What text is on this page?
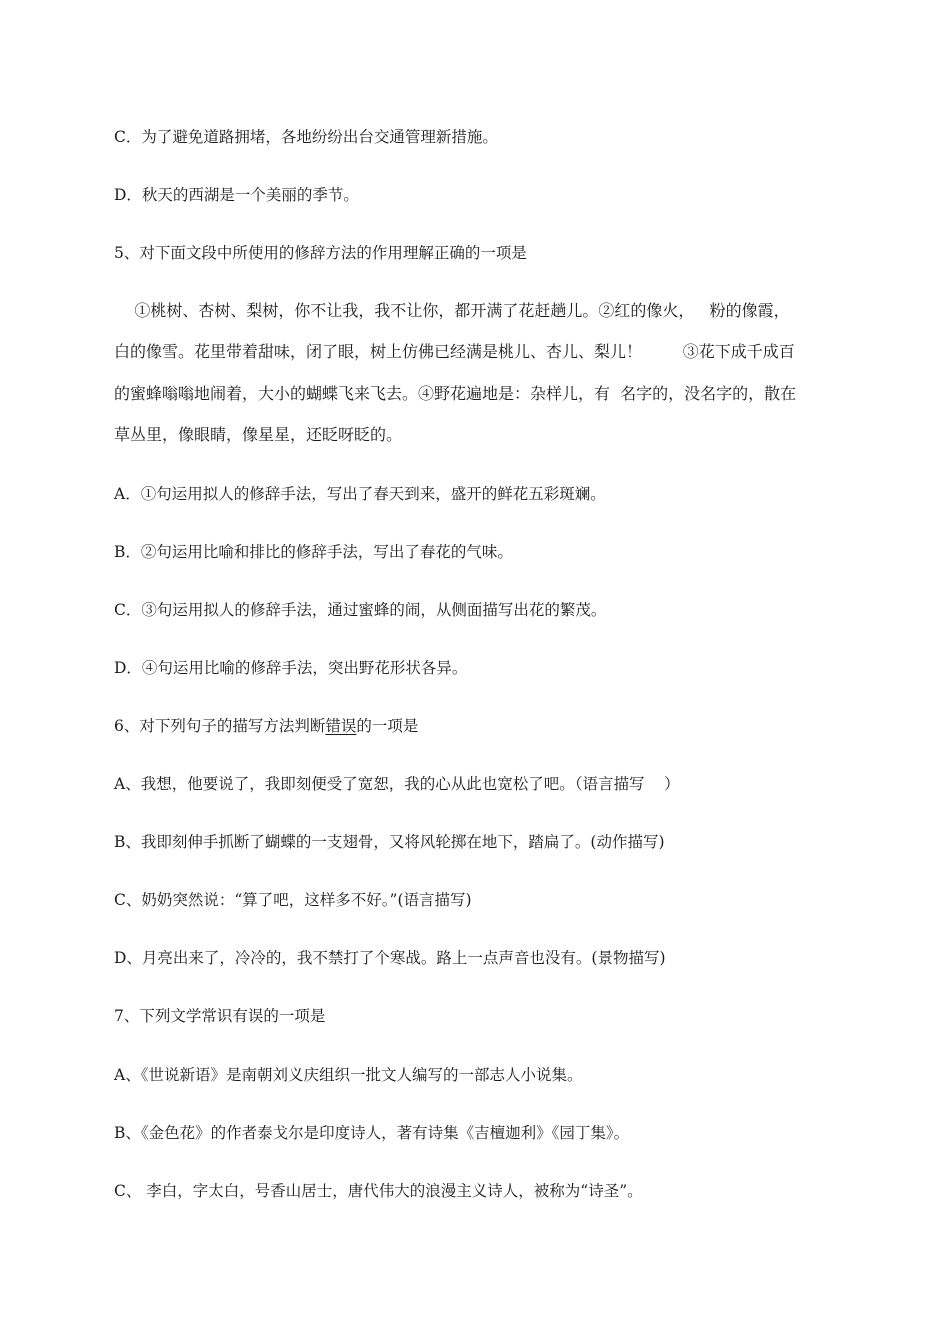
C．为了避免道路拥堵，各地纷纷出台交通管理新措施。
D．秋天的西湖是一个美丽的季节。
5、对下面文段中所使用的修辞方法的作用理解正确的一项是
①桃树、杏树、梨树，你不让我，我不让你，都开满了花赶趟儿。②红的像火，   粉的像霞，
白的像雪。花里带着甜味，闭了眼，树上仿佛已经满是桃儿、杏儿、梨儿！        ③花下成千成百
的蜜蜂嗡嗡地闹着，大小的蝴蝶飞来飞去。④野花遍地是：杂样儿，有  名字的，没名字的，散在
草丛里，像眼睛，像星星，还眨呀眨的。
A．①句运用拟人的修辞手法，写出了春天到来，盛开的鲜花五彩斑斓。
B．②句运用比喻和排比的修辞手法，写出了春花的气味。
C．③句运用拟人的修辞手法，通过蜜蜂的闹，从侧面描写出花的繁茂。
D．④句运用比喻的修辞手法，突出野花形状各异。
6、对下列句子的描写方法判断错误的一项是
A、我想，他要说了，我即刻便受了宽恕，我的心从此也宽松了吧。（语言描写    ）
B、我即刻伸手抓断了蝴蝶的一支翅骨，又将风轮掷在地下，踏扁了。(动作描写)
C、奶奶突然说：“算了吧，这样多不好。”(语言描写)
D、月亮出来了，冷冷的，我不禁打了个寒战。路上一点声音也没有。(景物描写)
7、下列文学常识有误的一项是
A、《世说新语》是南朝刘义庆组织一批文人编写的一部志人小说集。
B、《金色花》的作者泰戈尔是印度诗人，著有诗集《吉檀迦利》《园丁集》。
C、 李白，字太白，号香山居士，唐代伟大的浪漫主义诗人，被称为“诗圣”。
